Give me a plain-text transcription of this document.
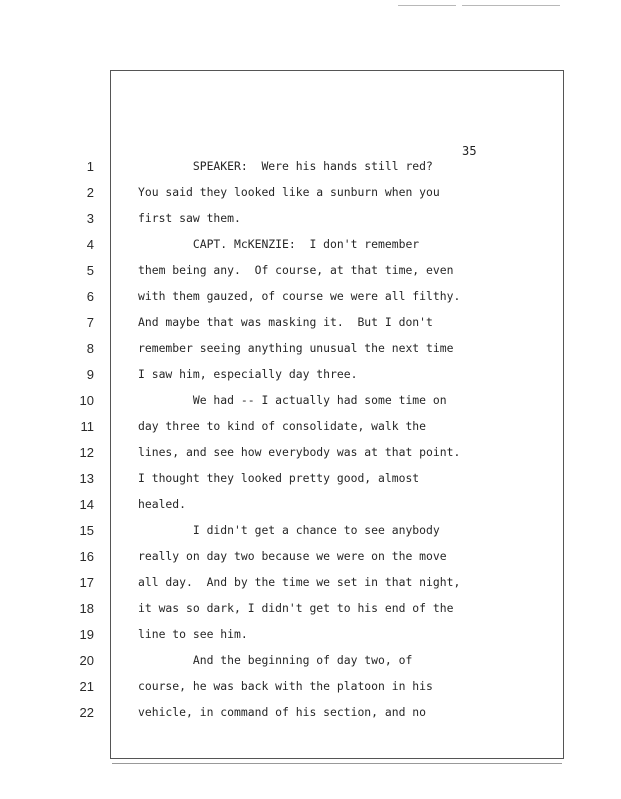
35
1	SPEAKER:  Were his hands still red?
2	You said they looked like a sunburn when you
3	first saw them.
4	CAPT. McKENZIE:  I don't remember
5	them being any.  Of course, at that time, even
6	with them gauzed, of course we were all filthy.
7	And maybe that was masking it.  But I don't
8	remember seeing anything unusual the next time
9	I saw him, especially day three.
10	We had -- I actually had some time on
11	day three to kind of consolidate, walk the
12	lines, and see how everybody was at that point.
13	I thought they looked pretty good, almost
14	healed.
15	I didn't get a chance to see anybody
16	really on day two because we were on the move
17	all day.  And by the time we set in that night,
18	it was so dark, I didn't get to his end of the
19	line to see him.
20	And the beginning of day two, of
21	course, he was back with the platoon in his
22	vehicle, in command of his section, and no
